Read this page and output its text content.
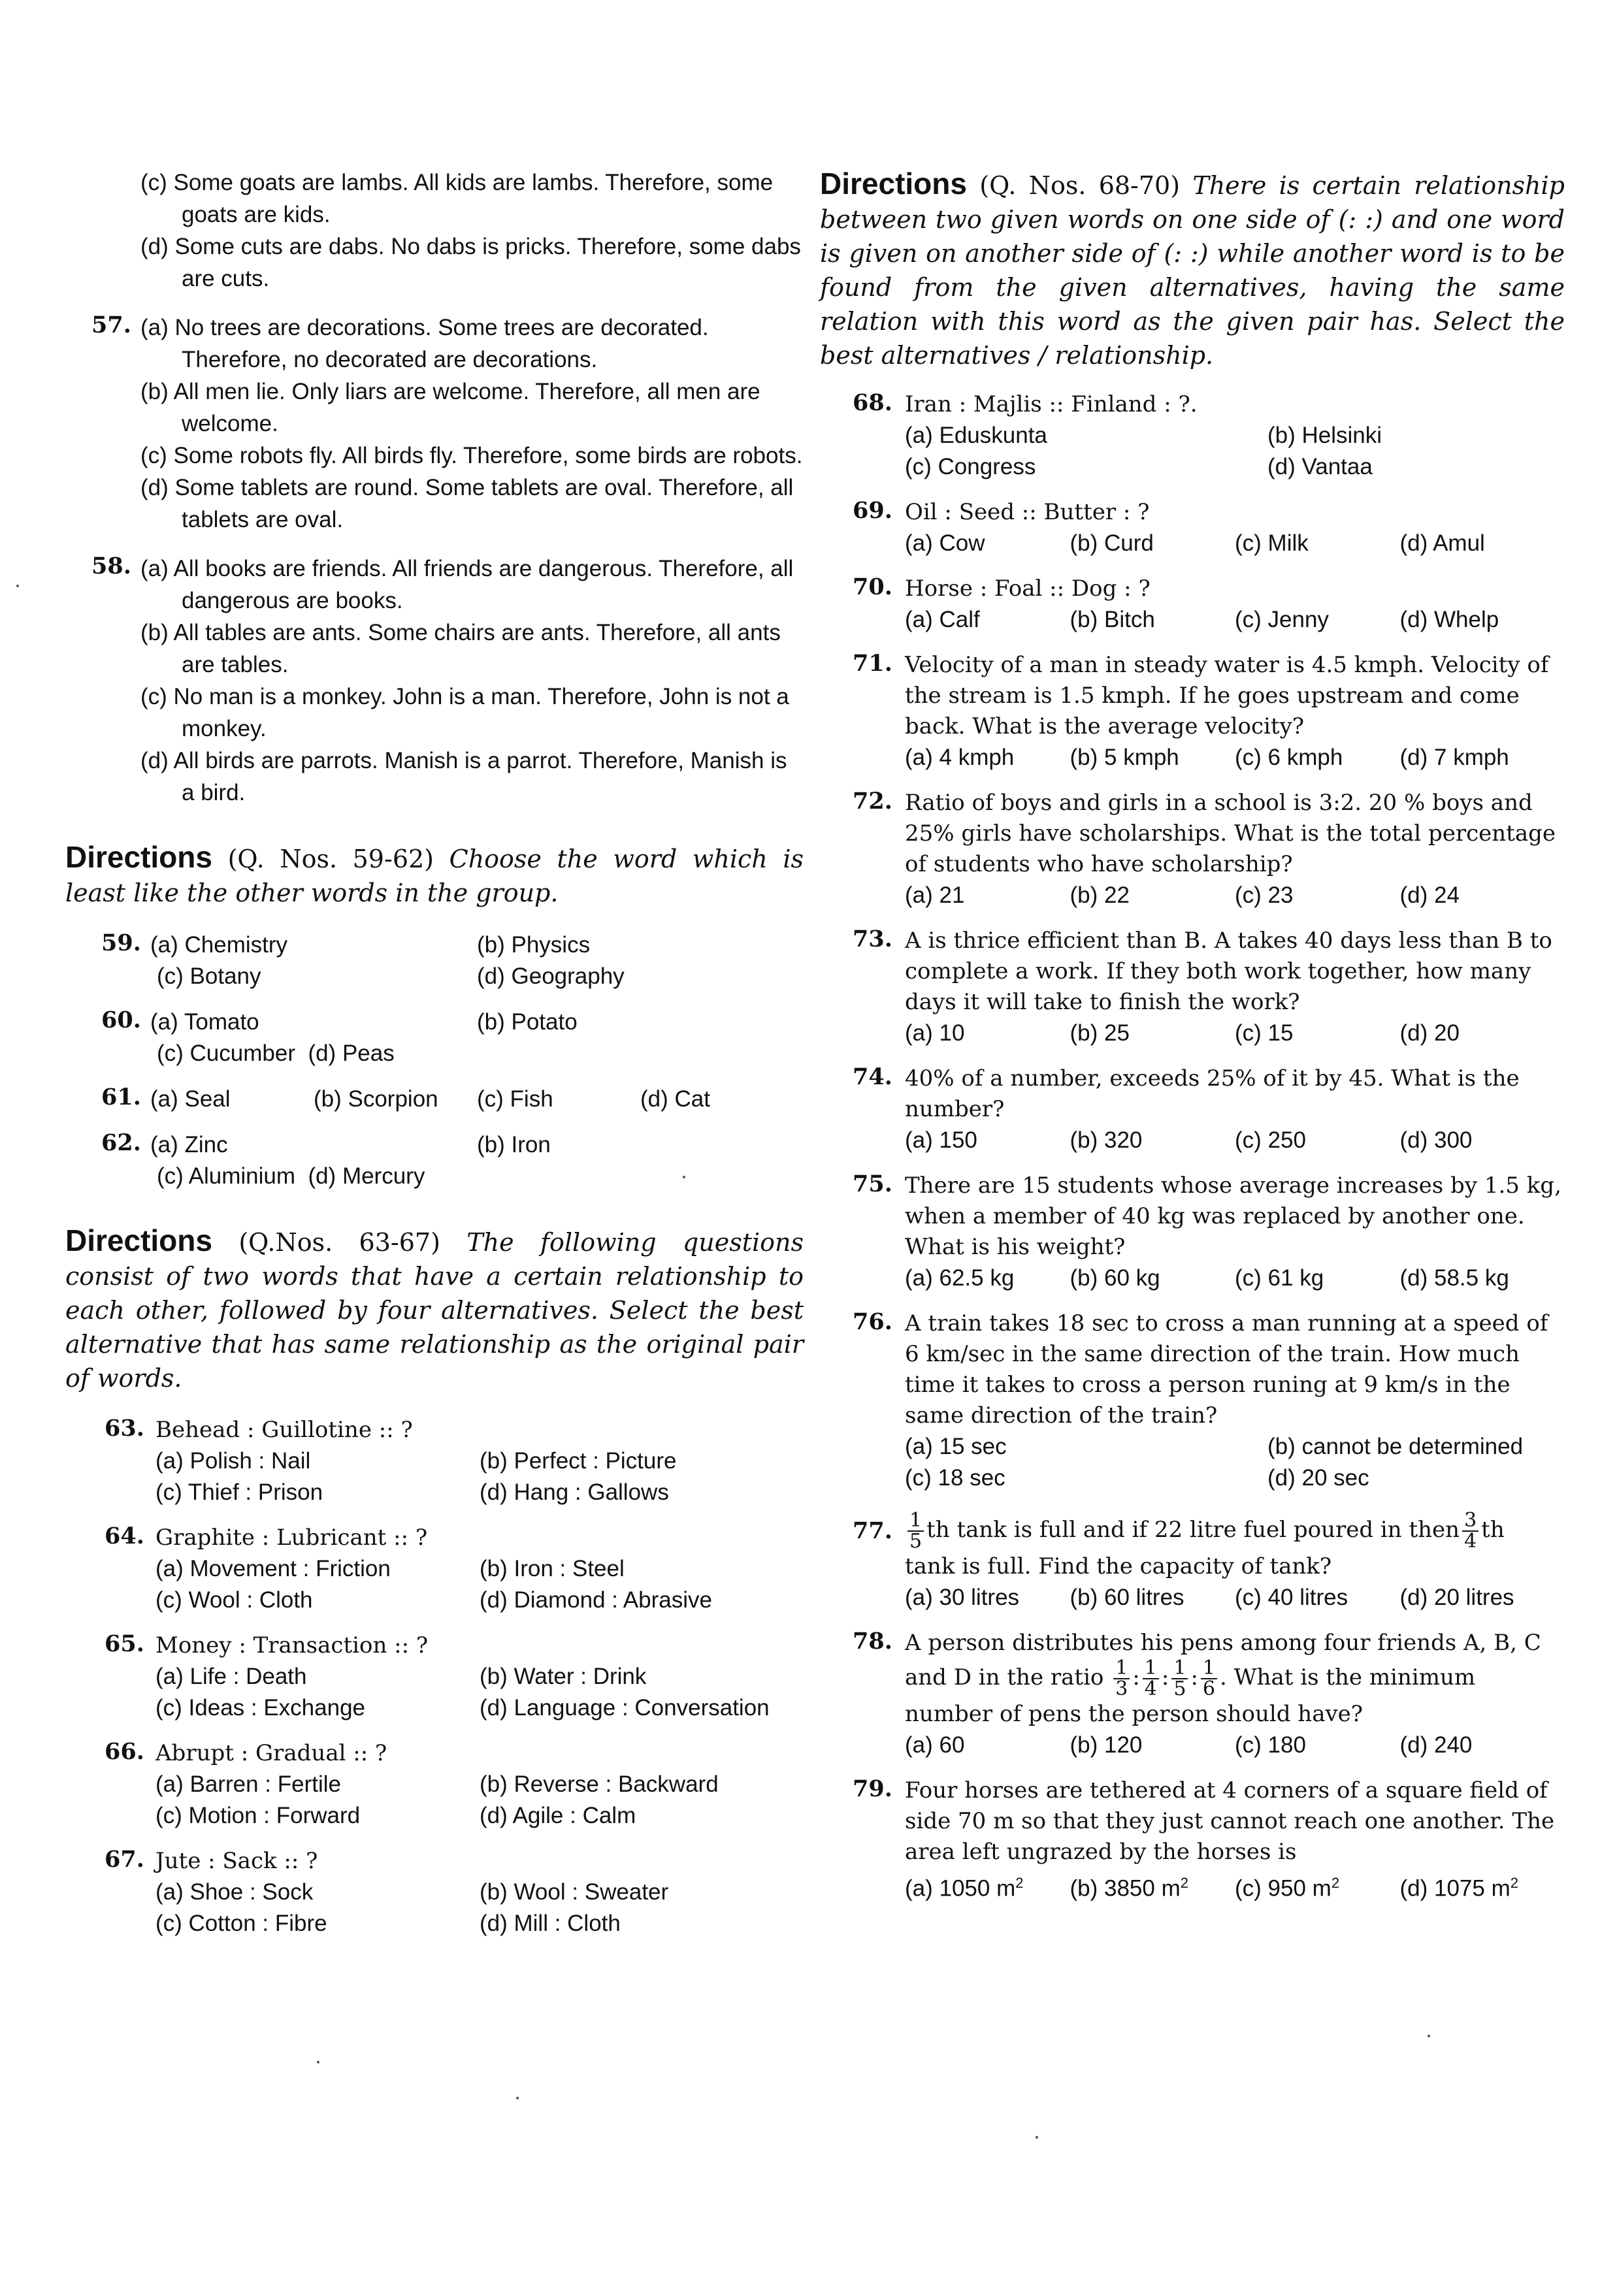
(c) Some goats are lambs. All kids are lambs. Therefore, some goats are kids.
(d) Some cuts are dabs. No dabs is pricks. Therefore, some dabs are cuts.
57. (a) No trees are decorations. Some trees are decorated. Therefore, no decorated are decorations.
(b) All men lie. Only liars are welcome. Therefore, all men are welcome.
(c) Some robots fly. All birds fly. Therefore, some birds are robots.
(d) Some tablets are round. Some tablets are oval. Therefore, all tablets are oval.
58. (a) All books are friends. All friends are dangerous. Therefore, all dangerous are books.
(b) All tables are ants. Some chairs are ants. Therefore, all ants are tables.
(c) No man is a monkey. John is a man. Therefore, John is not a monkey.
(d) All birds are parrots. Manish is a parrot. Therefore, Manish is a bird.
Directions (Q. Nos. 59-62) Choose the word which is least like the other words in the group.
59. (a) Chemistry	(b) Physics
(c) Botany	(d) Geography
60. (a) Tomato	(b) Potato
(c) Cucumber (d) Peas
61. (a) Seal	(b) Scorpion	(c) Fish	(d) Cat
62. (a) Zinc	(b) Iron
(c) Aluminium (d) Mercury
Directions (Q.Nos. 63-67) The following questions consist of two words that have a certain relationship to each other, followed by four alternatives. Select the best alternative that has same relationship as the original pair of words.
63. Behead : Guillotine :: ?
(a) Polish : Nail	(b) Perfect : Picture
(c) Thief : Prison	(d) Hang : Gallows
64. Graphite : Lubricant :: ?
(a) Movement : Friction	(b) Iron : Steel
(c) Wool : Cloth	(d) Diamond : Abrasive
65. Money : Transaction :: ?
(a) Life : Death	(b) Water : Drink
(c) Ideas : Exchange	(d) Language : Conversation
66. Abrupt : Gradual :: ?
(a) Barren : Fertile	(b) Reverse : Backward
(c) Motion : Forward	(d) Agile : Calm
67. Jute : Sack :: ?
(a) Shoe : Sock	(b) Wool : Sweater
(c) Cotton : Fibre	(d) Mill : Cloth
Directions (Q. Nos. 68-70) There is certain relationship between two given words on one side of (: :) and one word is given on another side of (: :) while another word is to be found from the given alternatives, having the same relation with this word as the given pair has. Select the best alternatives / relationship.
68. Iran : Majlis :: Finland : ?.
(a) Eduskunta	(b) Helsinki
(c) Congress	(d) Vantaa
69. Oil : Seed :: Butter : ?
(a) Cow	(b) Curd	(c) Milk	(d) Amul
70. Horse : Foal :: Dog : ?
(a) Calf	(b) Bitch	(c) Jenny	(d) Whelp
71. Velocity of a man in steady water is 4.5 kmph. Velocity of the stream is 1.5 kmph. If he goes upstream and come back. What is the average velocity?
(a) 4 kmph	(b) 5 kmph	(c) 6 kmph	(d) 7 kmph
72. Ratio of boys and girls in a school is 3:2. 20 % boys and 25% girls have scholarships. What is the total percentage of students who have scholarship?
(a) 21	(b) 22	(c) 23	(d) 24
73. A is thrice efficient than B. A takes 40 days less than B to complete a work. If they both work together, how many days it will take to finish the work?
(a) 10	(b) 25	(c) 15	(d) 20
74. 40% of a number, exceeds 25% of it by 45. What is the number?
(a) 150	(b) 320	(c) 250	(d) 300
75. There are 15 students whose average increases by 1.5 kg, when a member of 40 kg was replaced by another one. What is his weight?
(a) 62.5 kg	(b) 60 kg	(c) 61 kg	(d) 58.5 kg
76. A train takes 18 sec to cross a man running at a speed of 6 km/sec in the same direction of the train. How much time it takes to cross a person runing at 9 km/s in the same direction of the train?
(a) 15 sec	(b) cannot be determined
(c) 18 sec	(d) 20 sec
77. $\frac{1}{5}$ th tank is full and if 22 litre fuel poured in then $\frac{3}{4}$ th
tank is full. Find the capacity of tank?
(a) 30 litres	(b) 60 litres	(c) 40 litres	(d) 20 litres
78. A person distributes his pens among four friends A, B, C
and D in the ratio $\frac{1}{3}$ : $\frac{1}{4}$ : $\frac{1}{5}$ : $\frac{1}{6}$ . What is the minimum
number of pens the person should have?
(a) 60	(b) 120	(c) 180	(d) 240
79. Four horses are tethered at 4 corners of a square field of side 70 m so that they just cannot reach one another. The area left ungrazed by the horses is
(a) 1050 $m^2$	(b) 3850 $m^2$	(c) 950 $m^2$	(d) 1075 $m^2$
